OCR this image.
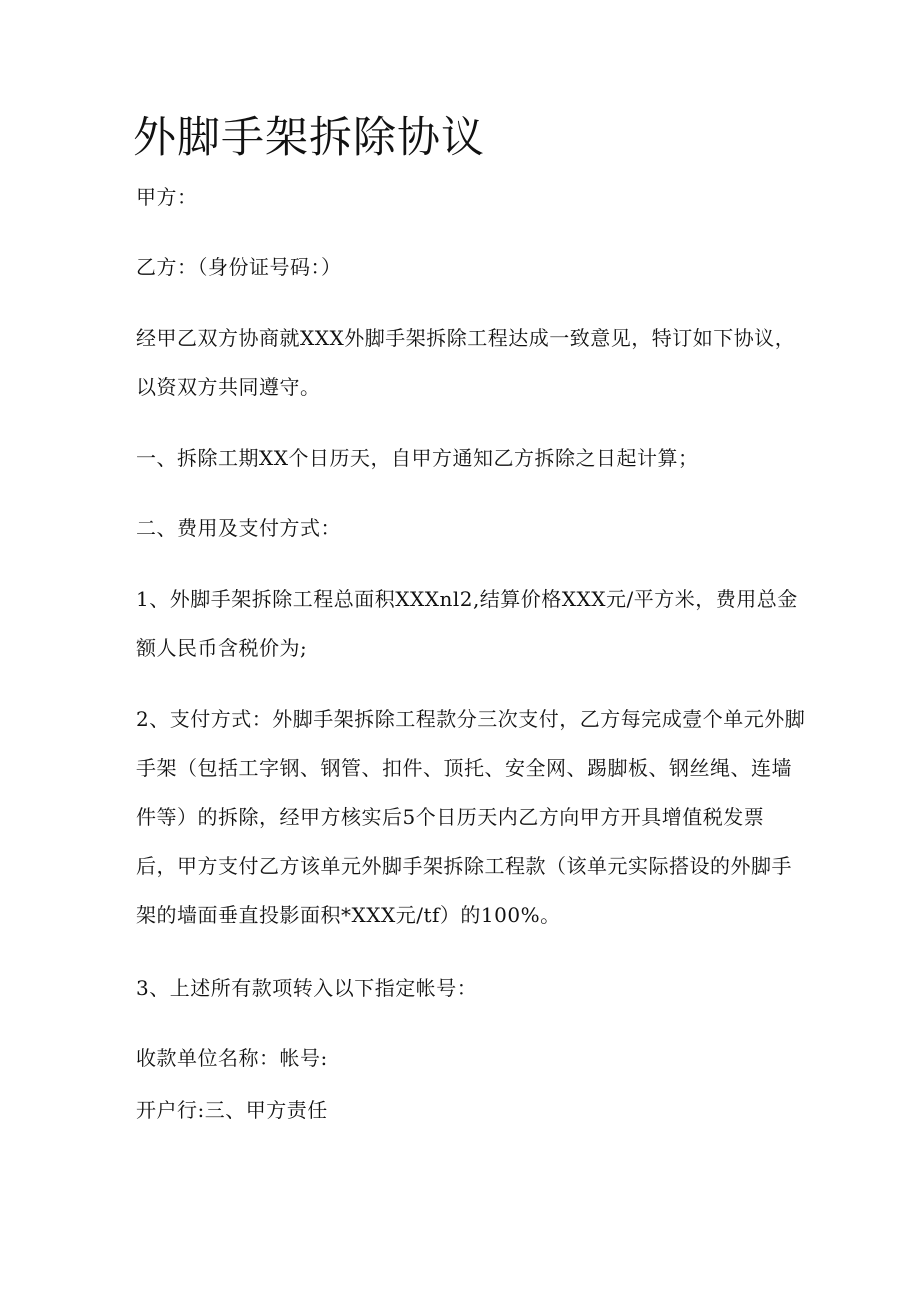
外脚手架拆除协议

甲方：

乙方：（身份证号码：）

经甲乙双方协商就XXX外脚手架拆除工程达成一致意见，特订如下协议，
以资双方共同遵守。

一、拆除工期XX个日历天，自甲方通知乙方拆除之日起计算；

二、费用及支付方式：

1、外脚手架拆除工程总面积XXXnl2,结算价格XXX元/平方米，费用总金
额人民币含税价为;
2、支付方式：外脚手架拆除工程款分三次支付，乙方每完成壹个单元外脚
手架（包括工字钢、钢管、扣件、顶托、安全网、踢脚板、钢丝绳、连墙
件等）的拆除，经甲方核实后5个日历天内乙方向甲方开具增值税发票
后，甲方支付乙方该单元外脚手架拆除工程款（该单元实际搭设的外脚手
架的墙面垂直投影面积*XXX元/tf）的100%。

3、上述所有款项转入以下指定帐号：

收款单位名称：帐号:

开户行:三、甲方责任
